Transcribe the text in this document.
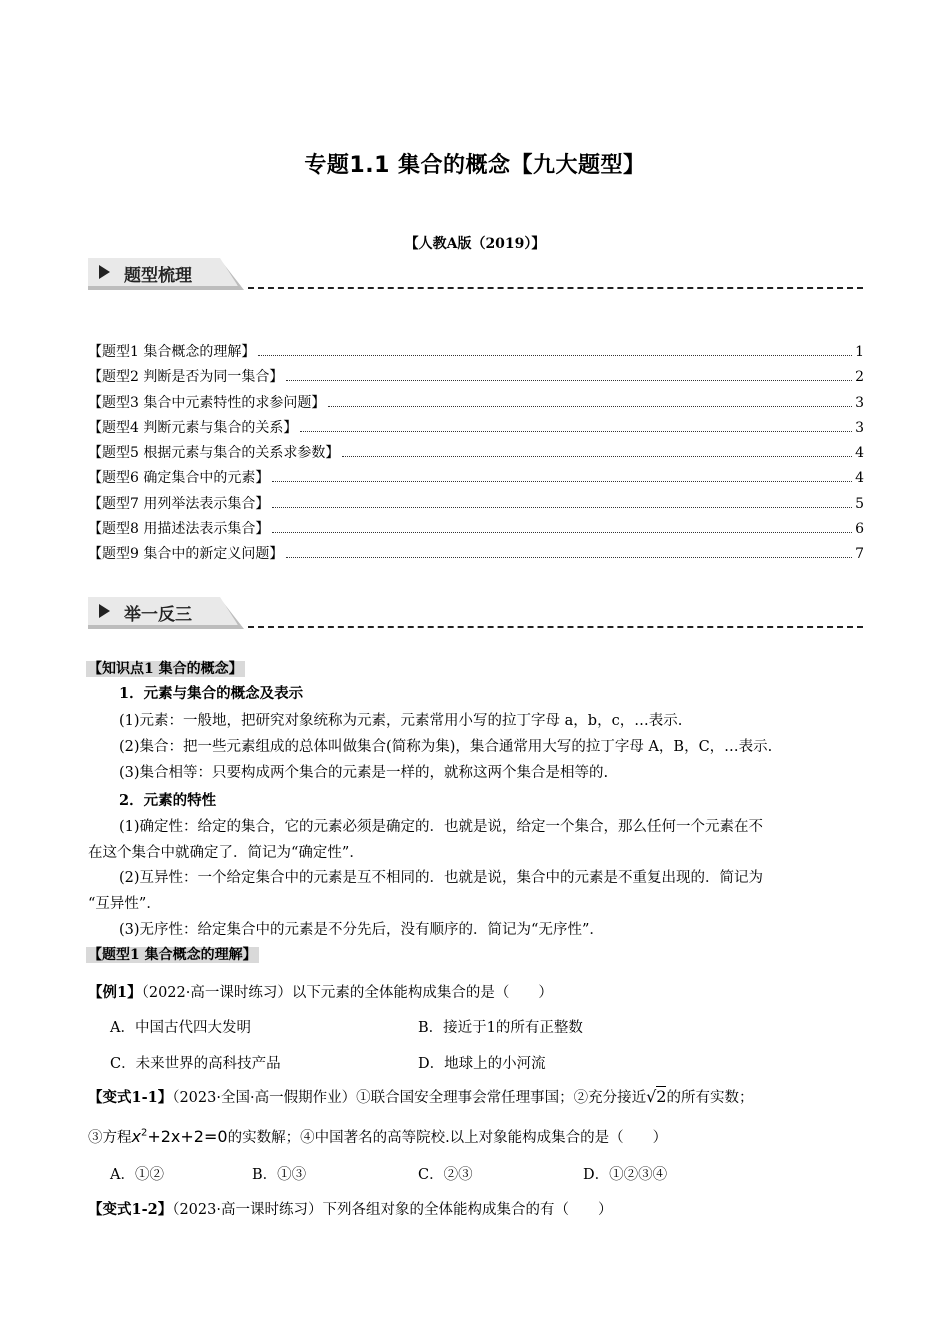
专题1.1 集合的概念【九大题型】
【人教A版（2019）】
题型梳理
【题型1 集合概念的理解】	1
【题型2 判断是否为同一集合】	2
【题型3 集合中元素特性的求参问题】	3
【题型4 判断元素与集合的关系】	3
【题型5 根据元素与集合的关系求参数】	4
【题型6 确定集合中的元素】	4
【题型7 用列举法表示集合】	5
【题型8 用描述法表示集合】	6
【题型9 集合中的新定义问题】	7
举一反三
【知识点1 集合的概念】
1．元素与集合的概念及表示
(1)元素：一般地，把研究对象统称为元素，元素常用小写的拉丁字母 a，b，c，…表示.
(2)集合：把一些元素组成的总体叫做集合(简称为集)，集合通常用大写的拉丁字母 A，B，C，…表示.
(3)集合相等：只要构成两个集合的元素是一样的，就称这两个集合是相等的.
2．元素的特性
(1)确定性：给定的集合，它的元素必须是确定的．也就是说，给定一个集合，那么任何一个元素在不
在这个集合中就确定了．简记为“确定性”．
(2)互异性：一个给定集合中的元素是互不相同的．也就是说，集合中的元素是不重复出现的．简记为
“互异性”．
(3)无序性：给定集合中的元素是不分先后，没有顺序的．简记为“无序性”．
【题型1 集合概念的理解】
【例1】（2022·高一课时练习）以下元素的全体能构成集合的是（　　）
A．中国古代四大发明	B．接近于1的所有正整数
C．未来世界的高科技产品	D．地球上的小河流
【变式1-1】（2023·全国·高一假期作业）①联合国安全理事会常任理事国；②充分接近√2的所有实数；
③方程$x^2+2x+2=0$的实数解；④中国著名的高等院校.以上对象能构成集合的是（　　）
A．①②	B．①③	C．②③	D．①②③④
【变式1-2】（2023·高一课时练习）下列各组对象的全体能构成集合的有（　　）
